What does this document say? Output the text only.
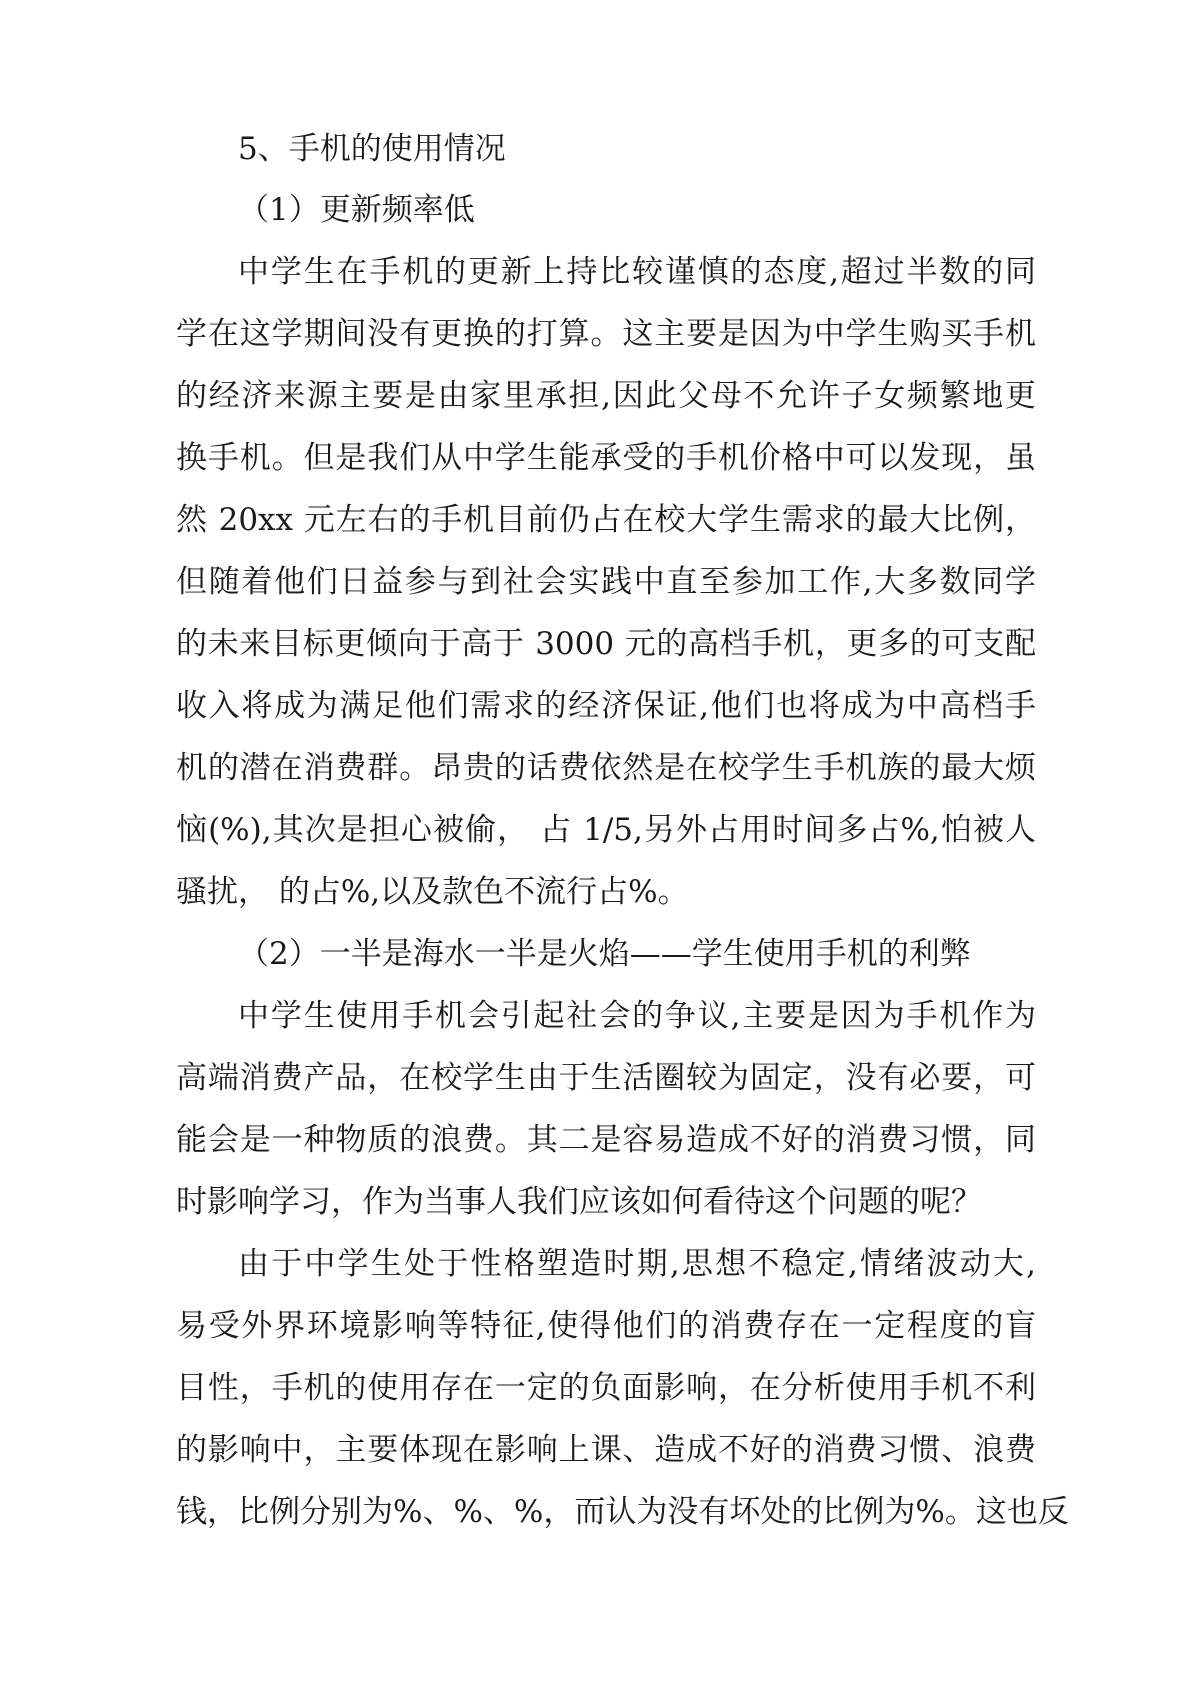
5、手机的使用情况
（1）更新频率低
中学生在手机的更新上持比较谨慎的态度,超过半数的同
学在这学期间没有更换的打算。这主要是因为中学生购买手机
的经济来源主要是由家里承担,因此父母不允许子女频繁地更
换手机。但是我们从中学生能承受的手机价格中可以发现，虽
然 20xx 元左右的手机目前仍占在校大学生需求的最大比例，
但随着他们日益参与到社会实践中直至参加工作,大多数同学
的未来目标更倾向于高于 3000 元的高档手机，更多的可支配
收入将成为满足他们需求的经济保证,他们也将成为中高档手
机的潜在消费群。昂贵的话费依然是在校学生手机族的最大烦
恼(%),其次是担心被偷， 占 1/5,另外占用时间多占%,怕被人
骚扰， 的占%,以及款色不流行占%。
（2）一半是海水一半是火焰——学生使用手机的利弊
中学生使用手机会引起社会的争议,主要是因为手机作为
高端消费产品，在校学生由于生活圈较为固定，没有必要，可
能会是一种物质的浪费。其二是容易造成不好的消费习惯，同
时影响学习，作为当事人我们应该如何看待这个问题的呢？
由于中学生处于性格塑造时期,思想不稳定,情绪波动大,
易受外界环境影响等特征,使得他们的消费存在一定程度的盲
目性，手机的使用存在一定的负面影响，在分析使用手机不利
的影响中，主要体现在影响上课、造成不好的消费习惯、浪费
钱，比例分别为%、%、%，而认为没有坏处的比例为%。这也反
